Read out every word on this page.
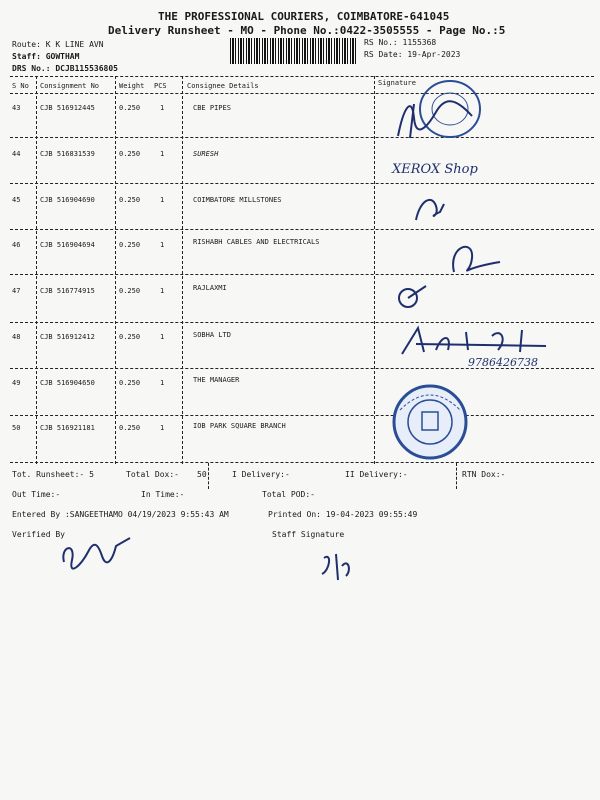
THE PROFESSIONAL COURIERS, COIMBATORE-641045
Delivery Runsheet - MO - Phone No.:0422-3505555 - Page No.:5
Route: K K LINE AVN
Staff: GOWTHAM
DRS No.: DCJB115536805
RS No.: 1155368
RS Date: 19-Apr-2023
S No Consignment No	Weight PCS	Consignee Details	Signature
43	CJB 516912445	0.250	1	CBE PIPES
44	CJB 516831539	0.250	1	SURESH
45	CJB 516904690	0.250	1	COIMBATORE MILLSTONES
46	CJB 516904694	0.250	1	RISHABH CABLES AND ELECTRICALS
47	CJB 516774915	0.250	1	RAJLAXMI
48	CJB 516912412	0.250	1	SOBHA LTD
49	CJB 516904650	0.250	1	THE MANAGER
50	CJB 516921181	0.250	1	IOB PARK SQUARE BRANCH
XEROX Shop
9786426738
Tot. Runsheet:- 5	Total Dox:- 50	I Delivery:-	II Delivery:-	RTN Dox:-
Out Time:-	In Time:-	Total POD:-
Entered By :SANGEETHAMO 04/19/2023 9:55:43 AM	Printed On: 19-04-2023 09:55:49
Verified By	Staff Signature
